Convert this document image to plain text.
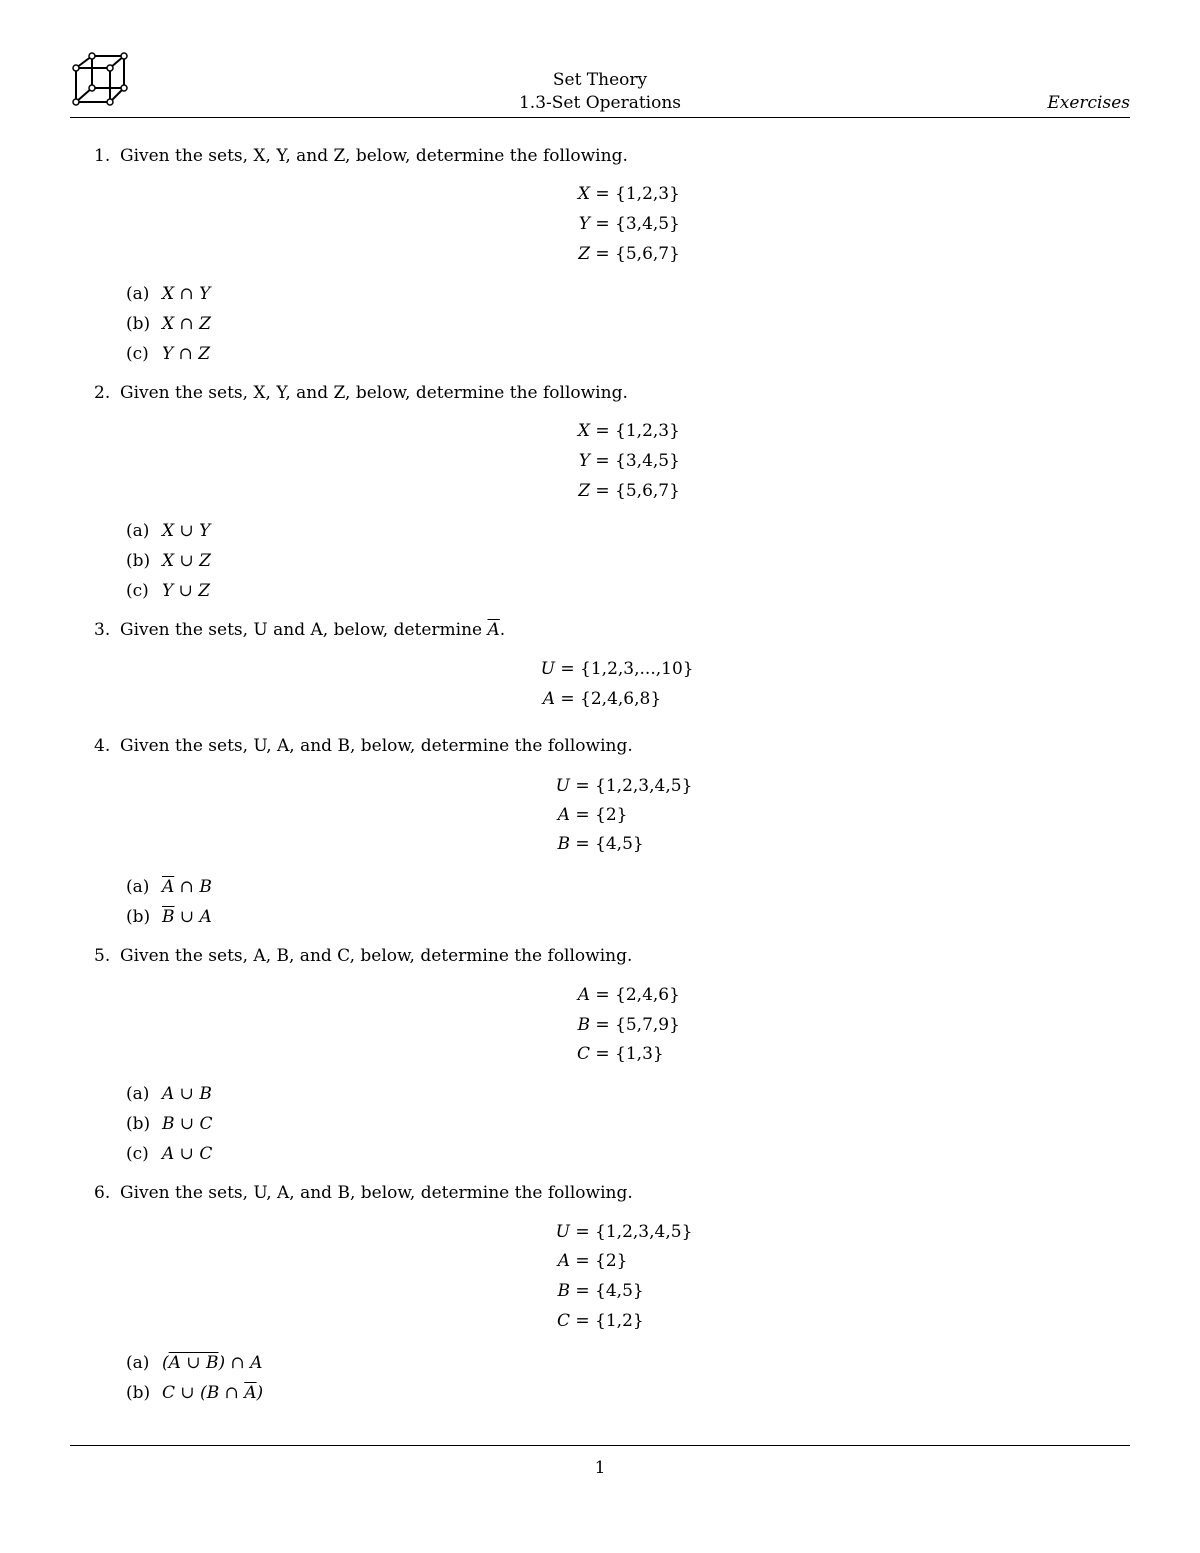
Set Theory
1.3-Set Operations	Exercises
1. Given the sets, X, Y, and Z, below, determine the following.
X = {1,2,3}
Y = {3,4,5}
Z = {5,6,7}
(a) X ∩ Y
(b) X ∩ Z
(c) Y ∩ Z
2. Given the sets, X, Y, and Z, below, determine the following.
X = {1,2,3}
Y = {3,4,5}
Z = {5,6,7}
(a) X ∪ Y
(b) X ∪ Z
(c) Y ∪ Z
3. Given the sets, U and A, below, determine $\overline{A}$.
U = {1,2,3,...,10}
A = {2,4,6,8}
4. Given the sets, U, A, and B, below, determine the following.
U = {1,2,3,4,5}
A = {2}
B = {4,5}
(a) $\overline{A}$ ∩ B
(b) $\overline{B}$ ∪ A
5. Given the sets, A, B, and C, below, determine the following.
A = {2,4,6}
B = {5,7,9}
C = {1,3}
(a) A ∪ B
(b) B ∪ C
(c) A ∪ C
6. Given the sets, U, A, and B, below, determine the following.
U = {1,2,3,4,5}
A = {2}
B = {4,5}
C = {1,2}
(a) (A ∪ B) ∩ A
(b) C ∪ (B ∩ $\overline{A}$)
1
